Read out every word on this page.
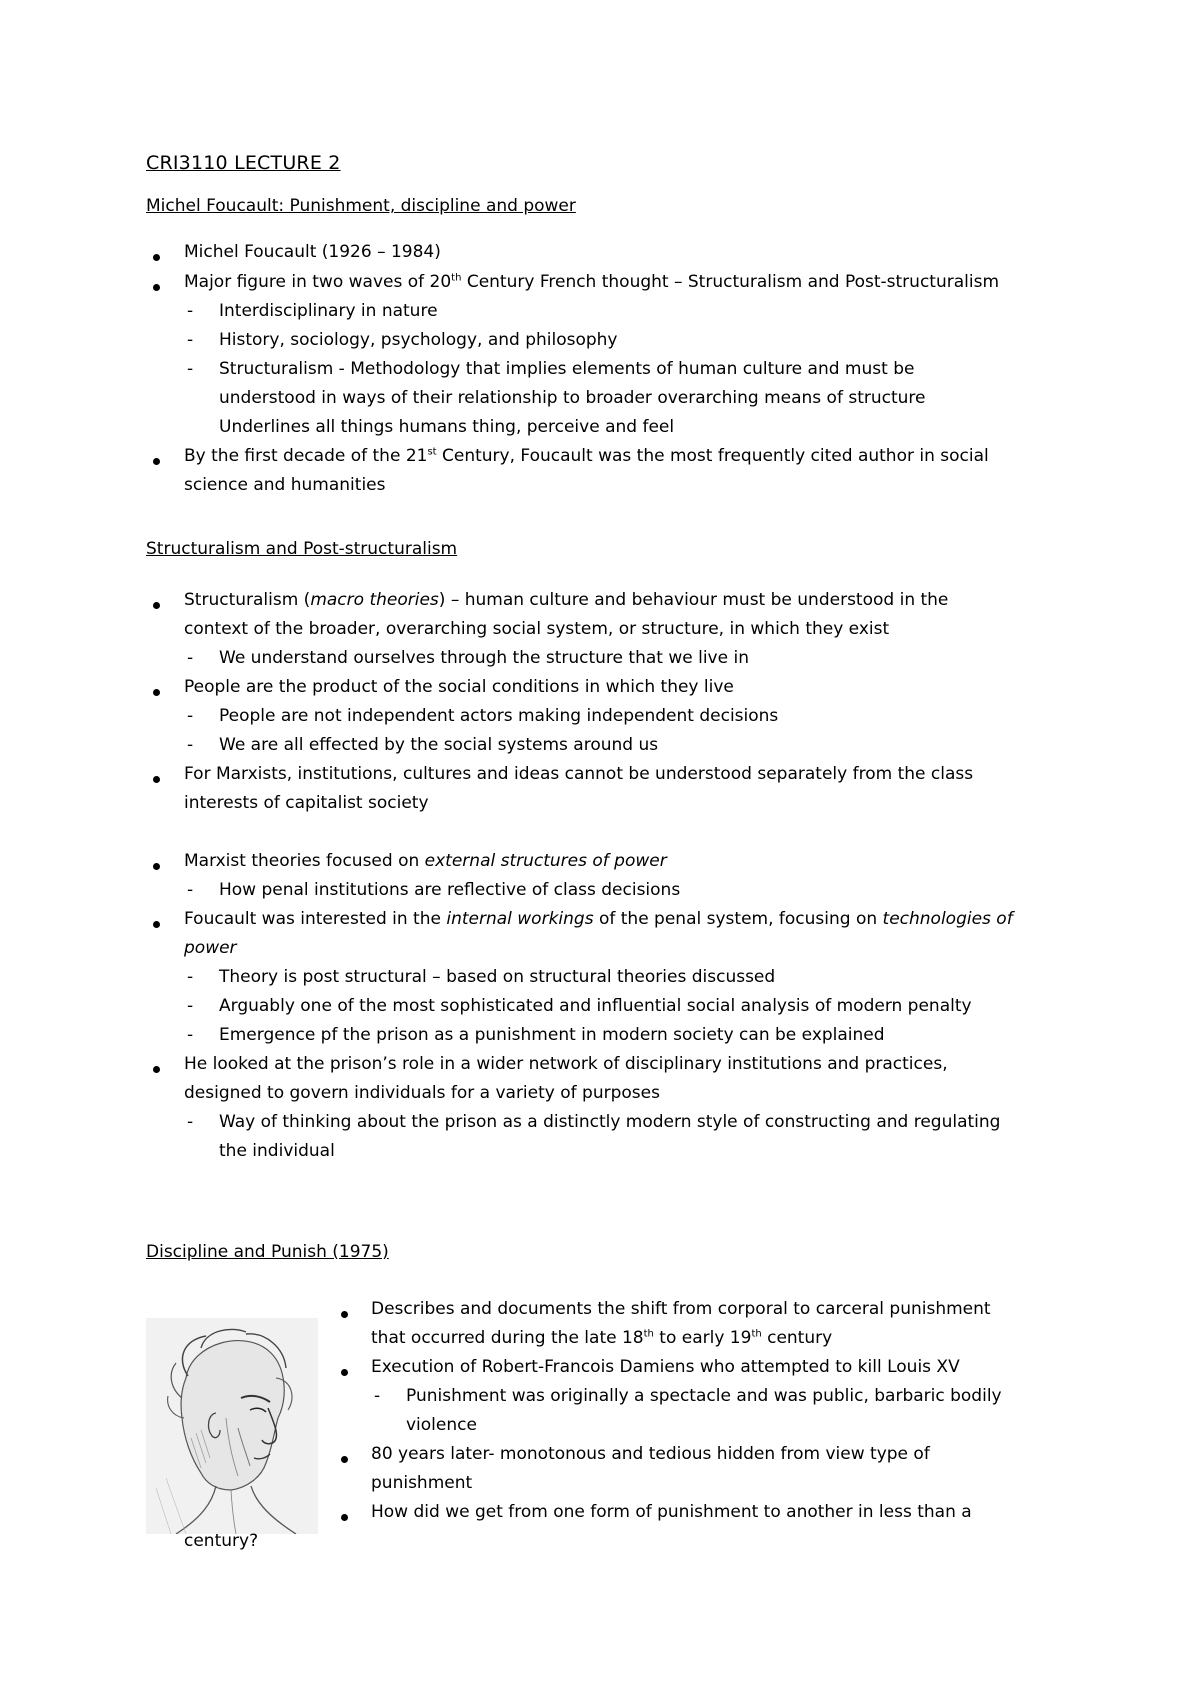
CRI3110 LECTURE 2
Michel Foucault: Punishment, discipline and power
Michel Foucault (1926 – 1984)
Major figure in two waves of 20th Century French thought – Structuralism and Post-structuralism
- Interdisciplinary in nature
- History, sociology, psychology, and philosophy
- Structuralism - Methodology that implies elements of human culture and must be
understood in ways of their relationship to broader overarching means of structure
Underlines all things humans thing, perceive and feel
By the first decade of the 21st Century, Foucault was the most frequently cited author in social
science and humanities
Structuralism and Post-structuralism
Structuralism (macro theories) – human culture and behaviour must be understood in the
context of the broader, overarching social system, or structure, in which they exist
- We understand ourselves through the structure that we live in
People are the product of the social conditions in which they live
- People are not independent actors making independent decisions
- We are all effected by the social systems around us
For Marxists, institutions, cultures and ideas cannot be understood separately from the class
interests of capitalist society
Marxist theories focused on external structures of power
- How penal institutions are reflective of class decisions
Foucault was interested in the internal workings of the penal system, focusing on technologies of
power
- Theory is post structural – based on structural theories discussed
- Arguably one of the most sophisticated and influential social analysis of modern penalty
- Emergence pf the prison as a punishment in modern society can be explained
He looked at the prison’s role in a wider network of disciplinary institutions and practices,
designed to govern individuals for a variety of purposes
- Way of thinking about the prison as a distinctly modern style of constructing and regulating
the individual
Discipline and Punish (1975)
Describes and documents the shift from corporal to carceral punishment
that occurred during the late 18th to early 19th century
Execution of Robert-Francois Damiens who attempted to kill Louis XV
- Punishment was originally a spectacle and was public, barbaric bodily
violence
80 years later- monotonous and tedious hidden from view type of
punishment
How did we get from one form of punishment to another in less than a
century?
